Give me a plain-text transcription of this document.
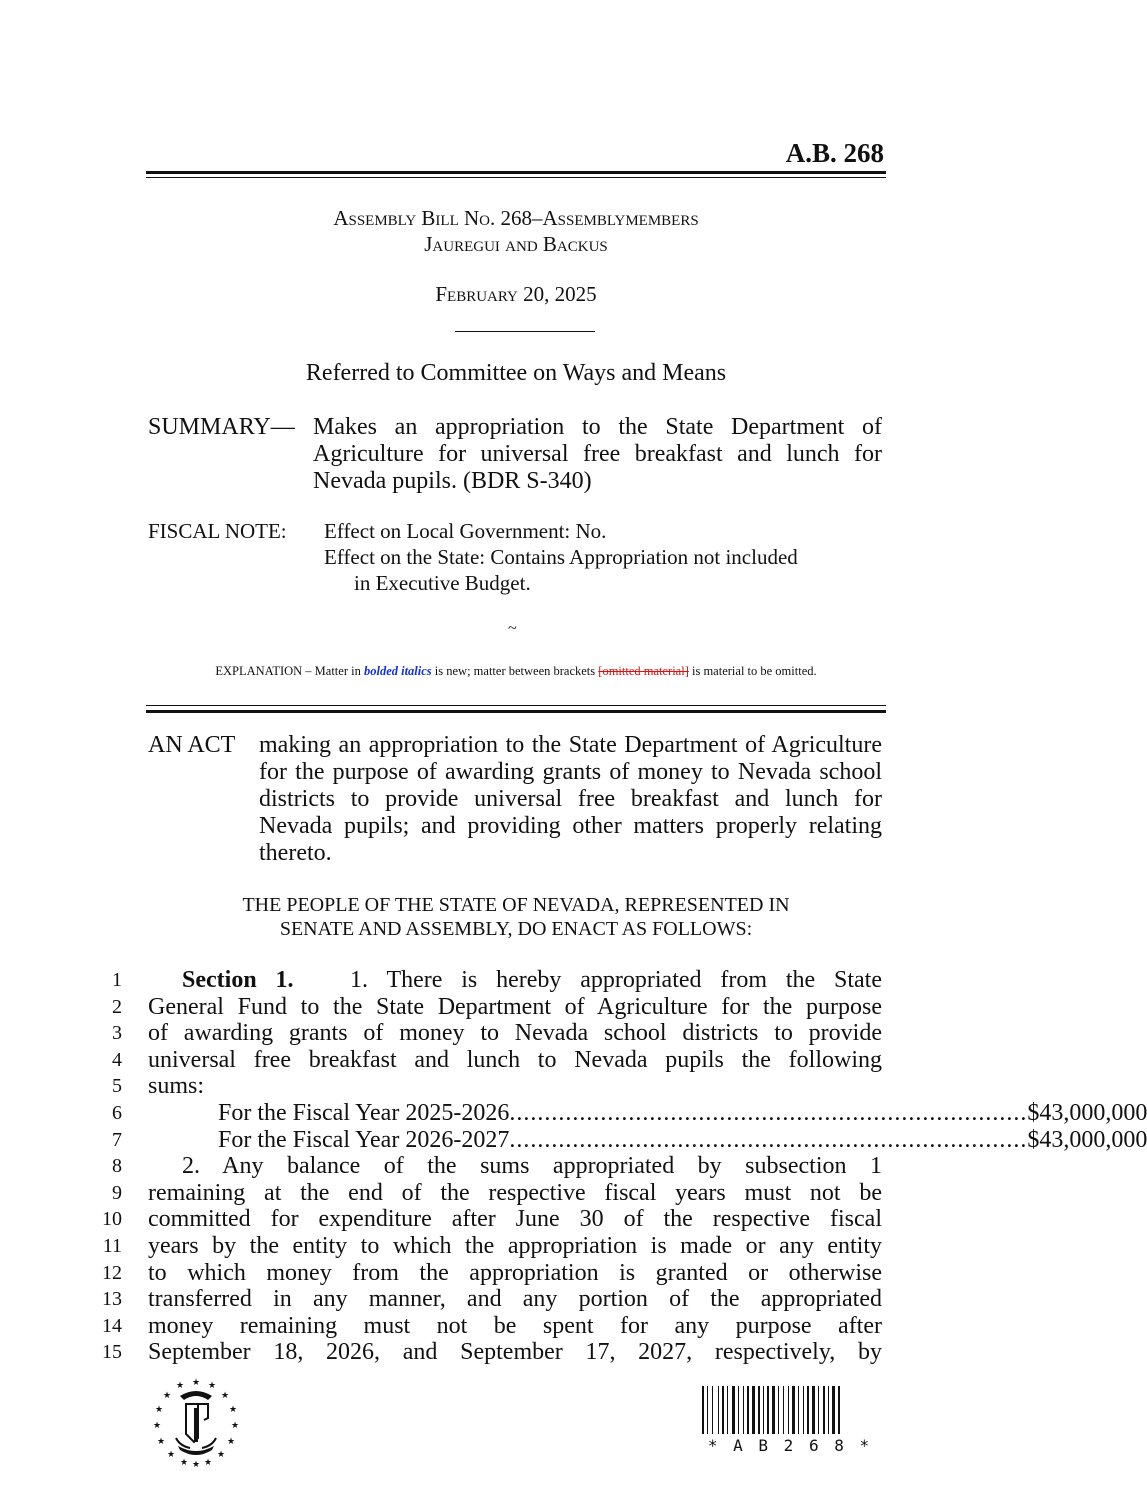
A.B. 268
Assembly Bill No. 268–Assemblymembers
Jauregui and Backus
February 20, 2025
Referred to Committee on Ways and Means
SUMMARY— Makes an appropriation to the State Department of Agriculture for universal free breakfast and lunch for Nevada pupils. (BDR S-340)
FISCAL NOTE: Effect on Local Government: No.
Effect on the State: Contains Appropriation not included
in Executive Budget.
~
EXPLANATION – Matter in bolded italics is new; matter between brackets [omitted material] is material to be omitted.
AN ACT making an appropriation to the State Department of Agriculture for the purpose of awarding grants of money to Nevada school districts to provide universal free breakfast and lunch for Nevada pupils; and providing other matters properly relating thereto.
THE PEOPLE OF THE STATE OF NEVADA, REPRESENTED IN
SENATE AND ASSEMBLY, DO ENACT AS FOLLOWS:
1	Section 1. 1. There is hereby appropriated from the State
2 General Fund to the State Department of Agriculture for the purpose
3 of awarding grants of money to Nevada school districts to provide
4 universal free breakfast and lunch to Nevada pupils the following
5 sums:
6	For the Fiscal Year 2025-2026 .......................................................................... $43,000,000
7	For the Fiscal Year 2026-2027 .......................................................................... $43,000,000
8	2. Any balance of the sums appropriated by subsection 1
9 remaining at the end of the respective fiscal years must not be
10 committed for expenditure after June 30 of the respective fiscal
11 years by the entity to which the appropriation is made or any entity
12 to which money from the appropriation is granted or otherwise
13 transferred in any manner, and any portion of the appropriated
14 money remaining must not be spent for any purpose after
15 September 18, 2026, and September 17, 2027, respectively, by
★
★	★
★	★
★	★
★	★
★	★
★	★
★ ★
★
* A B 2 6 8 *
